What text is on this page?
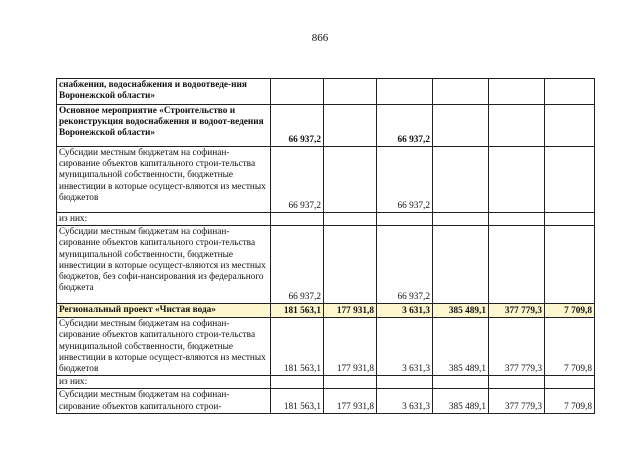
866
снабжения, водоснабжения и водоотведе-ния Воронежской области»						
Основное мероприятие «Строительство и реконструкция водоснабжения и водоот-ведения Воронежской области»	66 937,2		66 937,2			
Субсидии местным бюджетам на софинан-сирование объектов капитального строи-тельства муниципальной собственности, бюджетные инвестиции в которые осущест-вляются из местных бюджетов	66 937,2		66 937,2			
из них:						
Субсидии местным бюджетам на софинан-сирование объектов капитального строи-тельства муниципальной собственности, бюджетные инвестиции в которые осущест-вляются из местных бюджетов, без софи-нансирования из федерального бюджета	66 937,2		66 937,2			
Региональный проект «Чистая вода»	181 563,1	177 931,8	3 631,3	385 489,1	377 779,3	7 709,8
Субсидии местным бюджетам на софинан-сирование объектов капитального строи-тельства муниципальной собственности, бюджетные инвестиции в которые осущест-вляются из местных бюджетов	181 563,1	177 931,8	3 631,3	385 489,1	377 779,3	7 709,8
из них:						
Субсидии местным бюджетам на софинан-сирование объектов капитального строи-	181 563,1	177 931,8	3 631,3	385 489,1	377 779,3	7 709,8
